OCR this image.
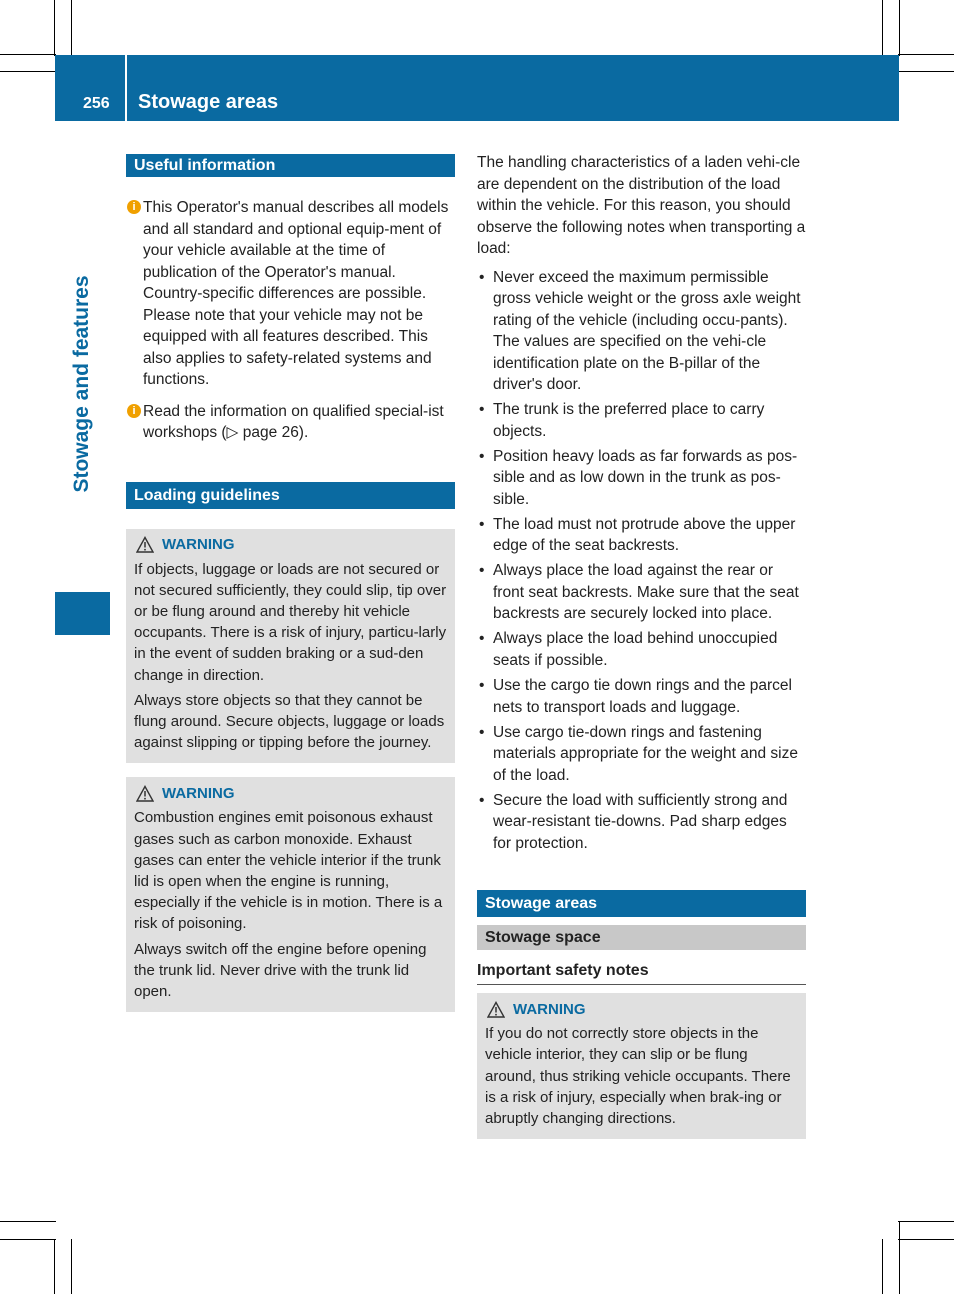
256 Stowage areas
Stowage and features
Useful information
i This Operator's manual describes all models and all standard and optional equip-ment of your vehicle available at the time of publication of the Operator's manual. Country-specific differences are possible. Please note that your vehicle may not be equipped with all features described. This also applies to safety-related systems and functions.
i Read the information on qualified special-ist workshops (▷ page 26).
Loading guidelines
WARNING

If objects, luggage or loads are not secured or not secured sufficiently, they could slip, tip over or be flung around and thereby hit vehicle occupants. There is a risk of injury, particu-larly in the event of sudden braking or a sud-den change in direction.

Always store objects so that they cannot be flung around. Secure objects, luggage or loads against slipping or tipping before the journey.

WARNING

Combustion engines emit poisonous exhaust gases such as carbon monoxide. Exhaust gases can enter the vehicle interior if the trunk lid is open when the engine is running, especially if the vehicle is in motion. There is a risk of poisoning.

Always switch off the engine before opening the trunk lid. Never drive with the trunk lid open.

The handling characteristics of a laden vehi-cle are dependent on the distribution of the load within the vehicle. For this reason, you should observe the following notes when transporting a load:
• Never exceed the maximum permissible gross vehicle weight or the gross axle weight rating of the vehicle (including occu-pants). The values are specified on the vehi-cle identification plate on the B-pillar of the driver's door.
• The trunk is the preferred place to carry objects.
• Position heavy loads as far forwards as pos-sible and as low down in the trunk as pos-sible.
• The load must not protrude above the upper edge of the seat backrests.
• Always place the load against the rear or front seat backrests. Make sure that the seat backrests are securely locked into place.
• Always place the load behind unoccupied seats if possible.
• Use the cargo tie down rings and the parcel nets to transport loads and luggage.
• Use cargo tie-down rings and fastening materials appropriate for the weight and size of the load.
• Secure the load with sufficiently strong and wear-resistant tie-downs. Pad sharp edges for protection.
Stowage areas
Stowage space
Important safety notes
WARNING

If you do not correctly store objects in the vehicle interior, they can slip or be flung around, thus striking vehicle occupants. There is a risk of injury, especially when brak-ing or abruptly changing directions.
